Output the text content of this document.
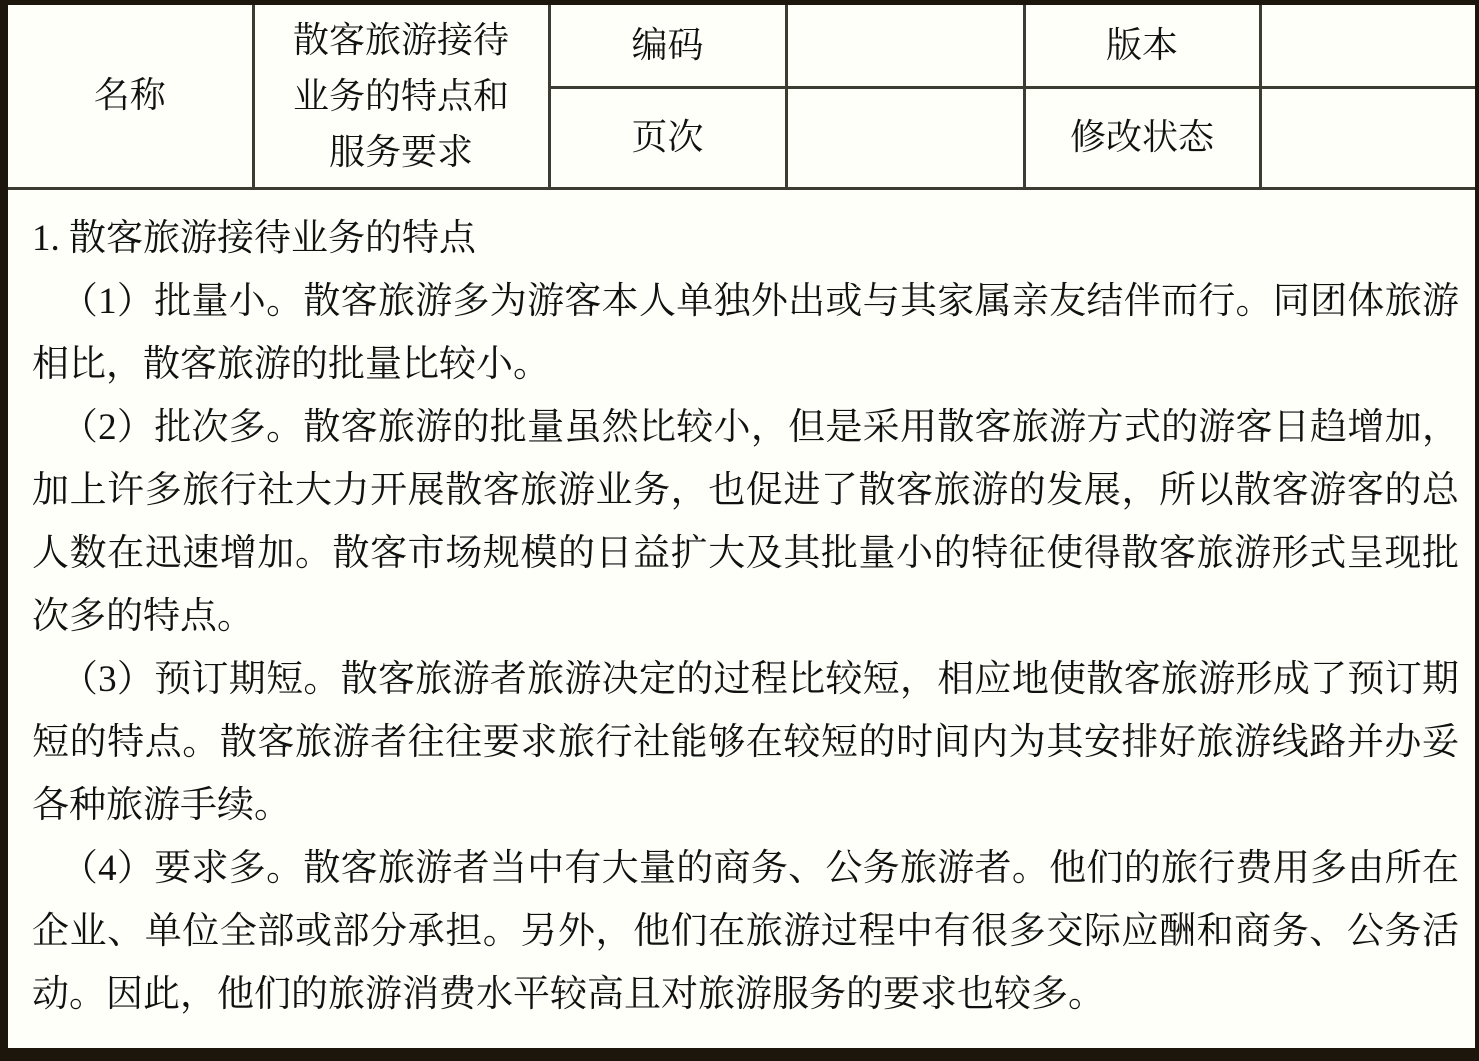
名称	散客旅游接待业务的特点和服务要求	编码		版本	
		页次		修改状态	

1. 散客旅游接待业务的特点

（1）批量小。散客旅游多为游客本人单独外出或与其家属亲友结伴而行。同团体旅游相比，散客旅游的批量比较小。

（2）批次多。散客旅游的批量虽然比较小，但是采用散客旅游方式的游客日趋增加，加上许多旅行社大力开展散客旅游业务，也促进了散客旅游的发展，所以散客游客的总人数在迅速增加。散客市场规模的日益扩大及其批量小的特征使得散客旅游形式呈现批次多的特点。

（3）预订期短。散客旅游者旅游决定的过程比较短，相应地使散客旅游形成了预订期短的特点。散客旅游者往往要求旅行社能够在较短的时间内为其安排好旅游线路并办妥各种旅游手续。

（4）要求多。散客旅游者当中有大量的商务、公务旅游者。他们的旅行费用多由所在企业、单位全部或部分承担。另外，他们在旅游过程中有很多交际应酬和商务、公务活动。因此，他们的旅游消费水平较高且对旅游服务的要求也较多。
